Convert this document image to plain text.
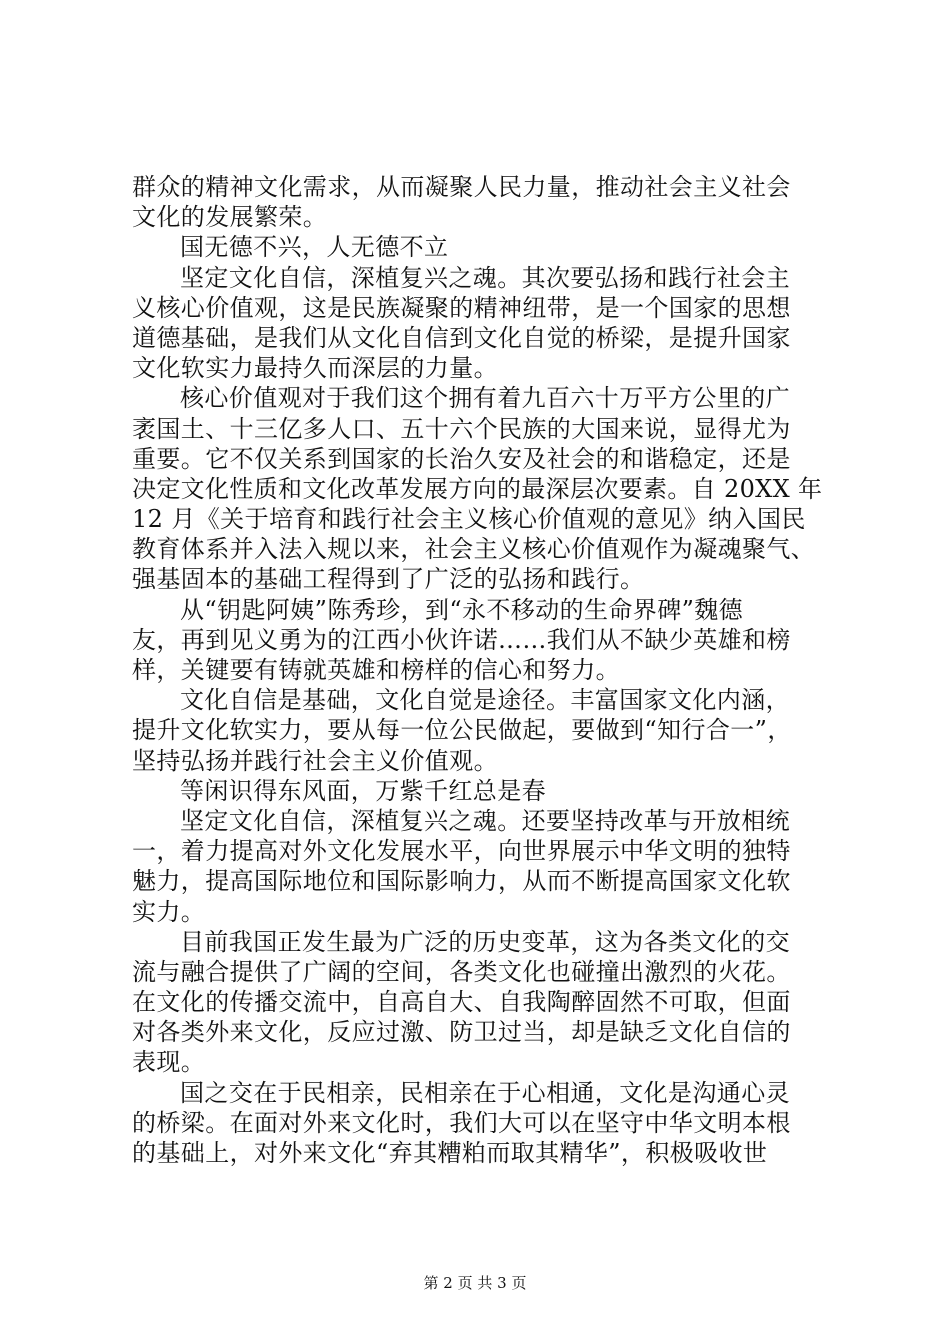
群众的精神文化需求，从而凝聚人民力量，推动社会主义社会
文化的发展繁荣。
国无德不兴，人无德不立
坚定文化自信，深植复兴之魂。其次要弘扬和践行社会主
义核心价值观，这是民族凝聚的精神纽带，是一个国家的思想
道德基础，是我们从文化自信到文化自觉的桥梁，是提升国家
文化软实力最持久而深层的力量。
核心价值观对于我们这个拥有着九百六十万平方公里的广
袤国土、十三亿多人口、五十六个民族的大国来说，显得尤为
重要。它不仅关系到国家的长治久安及社会的和谐稳定，还是
决定文化性质和文化改革发展方向的最深层次要素。自 20XX 年
12 月《关于培育和践行社会主义核心价值观的意见》纳入国民
教育体系并入法入规以来，社会主义核心价值观作为凝魂聚气、
强基固本的基础工程得到了广泛的弘扬和践行。
从“钥匙阿姨”陈秀珍，到“永不移动的生命界碑”魏德
友，再到见义勇为的江西小伙许诺……我们从不缺少英雄和榜
样，关键要有铸就英雄和榜样的信心和努力。
文化自信是基础，文化自觉是途径。丰富国家文化内涵，
提升文化软实力，要从每一位公民做起，要做到“知行合一”，
坚持弘扬并践行社会主义价值观。
等闲识得东风面，万紫千红总是春
坚定文化自信，深植复兴之魂。还要坚持改革与开放相统
一，着力提高对外文化发展水平，向世界展示中华文明的独特
魅力，提高国际地位和国际影响力，从而不断提高国家文化软
实力。
目前我国正发生最为广泛的历史变革，这为各类文化的交
流与融合提供了广阔的空间，各类文化也碰撞出激烈的火花。
在文化的传播交流中，自高自大、自我陶醉固然不可取，但面
对各类外来文化，反应过激、防卫过当，却是缺乏文化自信的
表现。
国之交在于民相亲，民相亲在于心相通，文化是沟通心灵
的桥梁。在面对外来文化时，我们大可以在坚守中华文明本根
的基础上，对外来文化“弃其糟粕而取其精华”，积极吸收世
第 2 页 共 3 页
